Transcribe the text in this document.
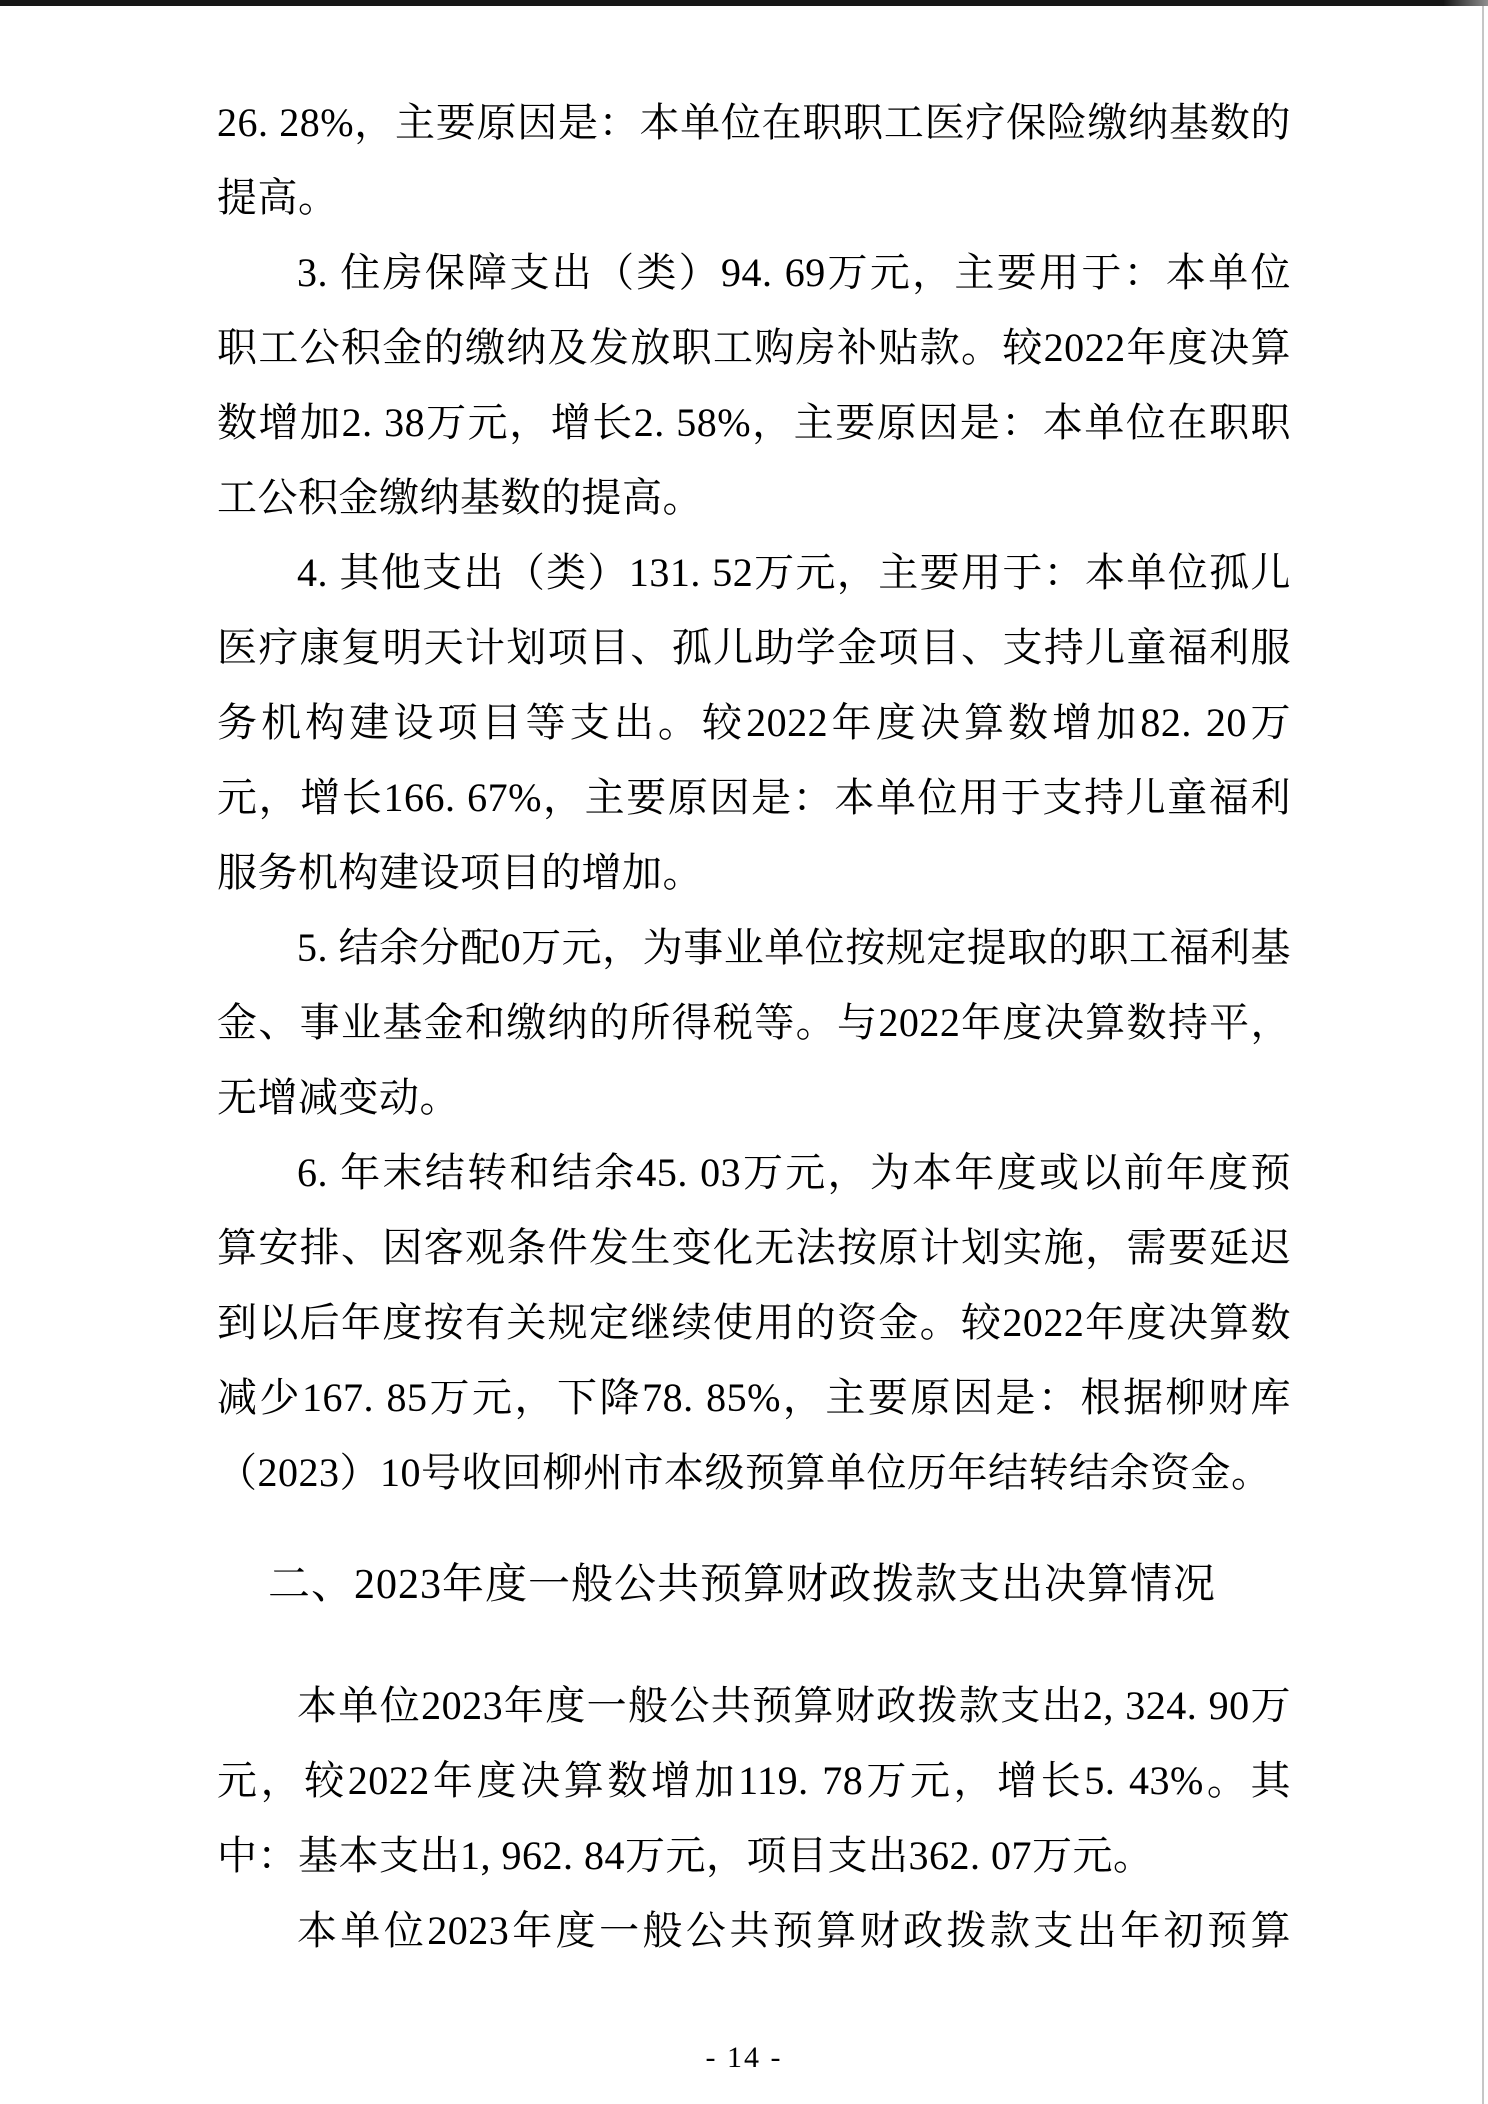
26. 28%，主要原因是：本单位在职职工医疗保险缴纳基数的提高。

3. 住房保障支出（类）94. 69万元，主要用于：本单位职工公积金的缴纳及发放职工购房补贴款。较2022年度决算数增加2. 38万元，增长2. 58%，主要原因是：本单位在职职工公积金缴纳基数的提高。

4. 其他支出（类）131. 52万元，主要用于：本单位孤儿医疗康复明天计划项目、孤儿助学金项目、支持儿童福利服务机构建设项目等支出。较2022年度决算数增加82. 20万元，增长166. 67%，主要原因是：本单位用于支持儿童福利服务机构建设项目的增加。

5. 结余分配0万元，为事业单位按规定提取的职工福利基金、事业基金和缴纳的所得税等。与2022年度决算数持平，无增减变动。

6. 年末结转和结余45. 03万元，为本年度或以前年度预算安排、因客观条件发生变化无法按原计划实施，需要延迟到以后年度按有关规定继续使用的资金。较2022年度决算数减少167. 85万元，下降78. 85%，主要原因是：根据柳财库（2023）10号收回柳州市本级预算单位历年结转结余资金。

二、2023年度一般公共预算财政拨款支出决算情况

本单位2023年度一般公共预算财政拨款支出2, 324. 90万元，较2022年度决算数增加119. 78万元，增长5. 43%。其中：基本支出1, 962. 84万元，项目支出362. 07万元。

本单位2023年度一般公共预算财政拨款支出年初预算

- 14 -
